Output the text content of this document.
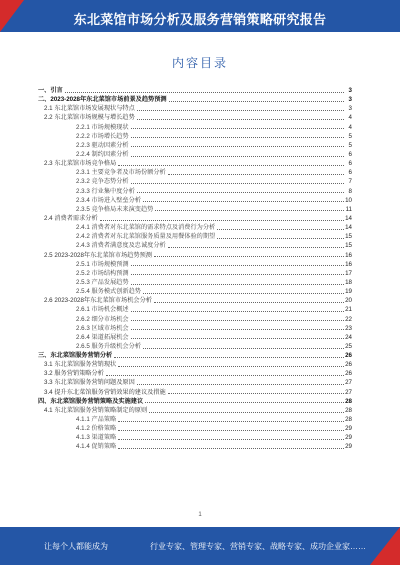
东北菜馆市场分析及服务营销策略研究报告
内容目录
一、引言	3
二、2023-2028年东北菜馆市场前景及趋势预测	3
2.1 东北菜馆市场发展现状与特点	3
2.2 东北菜馆市场规模与增长趋势	4
2.2.1 市场规模现状	4
2.2.2 市场增长趋势	5
2.2.3 驱动因素分析	5
2.2.4 制约因素分析	6
2.3 东北菜馆市场竞争格局	6
2.3.1 主要竞争者及市场份额分析	6
2.3.2 竞争态势分析	7
2.3.3 行业集中度分析	8
2.3.4 市场进入壁垒分析	10
2.3.5 竞争格局未来演变趋势	11
2.4 消费者需求分析	14
2.4.1 消费者对东北菜馆的需求特点及消费行为分析	14
2.4.2 消费者对东北菜馆服务质量及用餐体验的期望	15
2.4.3 消费者满意度及忠诚度分析	15
2.5 2023-2028年东北菜馆市场趋势预测	16
2.5.1 市场规模预测	16
2.5.2 市场结构预测	17
2.5.3 产品发展趋势	18
2.5.4 服务模式创新趋势	19
2.6 2023-2028年东北菜馆市场机会分析	20
2.6.1 市场机会概述	21
2.6.2 细分市场机会	22
2.6.3 区域市场机会	23
2.6.4 渠道拓展机会	24
2.6.5 服务升级机会分析	25
三、东北菜馆服务营销分析	26
3.1 东北菜馆服务营销现状	26
3.2 服务营销策略分析	26
3.3 东北菜馆服务营销问题及原因	27
3.4 提升东北菜馆服务营销效果的建议及措施	27
四、东北菜馆服务营销策略及实施建议	28
4.1 东北菜馆服务营销策略制定的原则	28
4.1.1 产品策略	28
4.1.2 价格策略	29
4.1.3 渠道策略	29
4.1.4 促销策略	29
1
让每个人都能成为	行业专家、管理专家、营销专家、战略专家、成功企业家……
